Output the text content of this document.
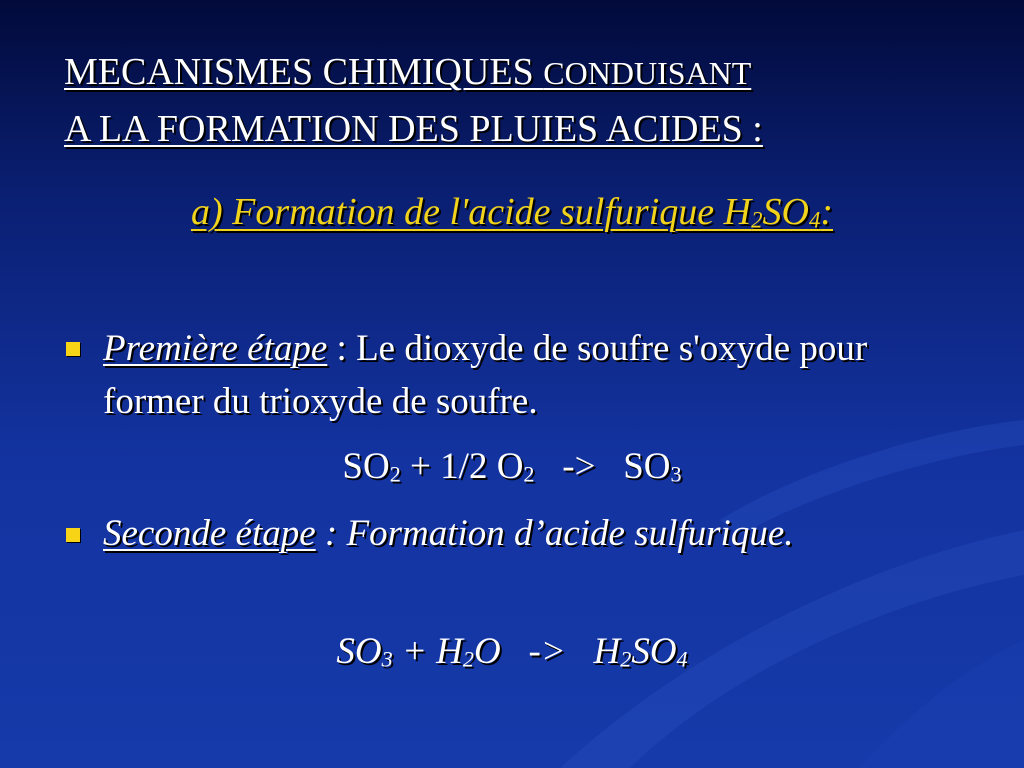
MECANISMES CHIMIQUES CONDUISANT
A LA FORMATION DES PLUIES ACIDES :
a) Formation de l'acide sulfurique $H_2SO_4$:
Première étape : Le dioxyde de soufre s'oxyde pour former du trioxyde de soufre.
$SO_2 + 1/2$ $O_2 -> SO_3$
Seconde étape : Formation d’acide sulfurique.
$SO_3 + H_2O -> H_2SO_4$
